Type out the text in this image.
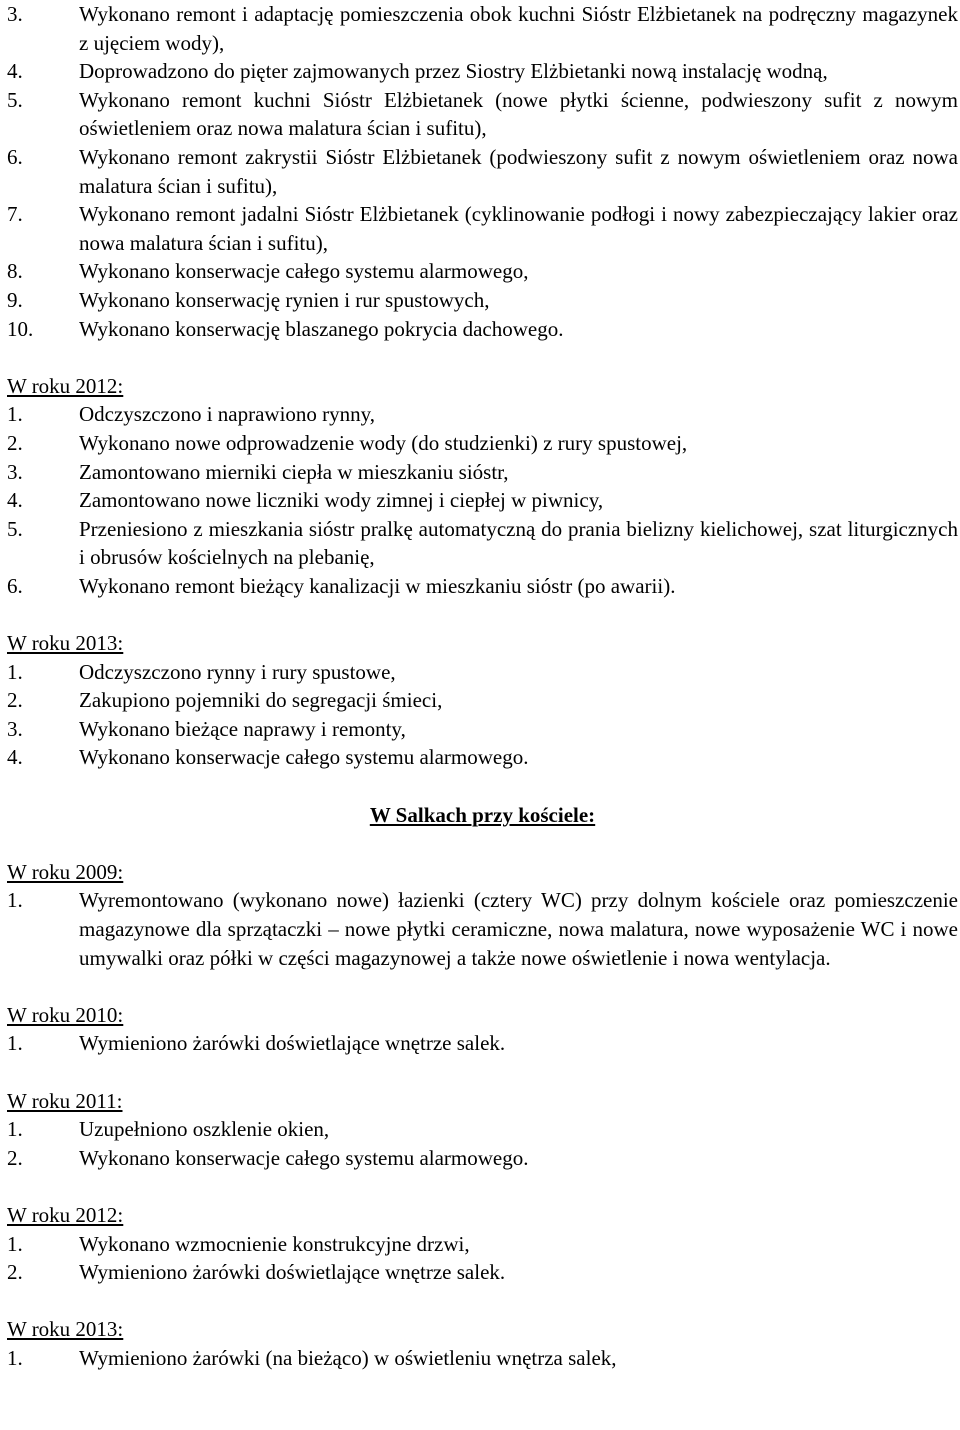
3.	Wykonano remont i adaptację pomieszczenia obok kuchni Sióstr Elżbietanek na podręczny magazynek z ujęciem wody),
4.	Doprowadzono do pięter zajmowanych przez Siostry Elżbietanki nową instalację wodną,
5.	Wykonano remont kuchni Sióstr Elżbietanek (nowe płytki ścienne, podwieszony sufit z nowym oświetleniem oraz nowa malatura ścian i sufitu),
6.	Wykonano remont zakrystii Sióstr Elżbietanek (podwieszony sufit z nowym oświetleniem oraz nowa malatura ścian i sufitu),
7.	Wykonano remont jadalni Sióstr Elżbietanek (cyklinowanie podłogi i nowy zabezpieczający lakier oraz nowa malatura ścian i sufitu),
8.	Wykonano konserwacje całego systemu alarmowego,
9.	Wykonano konserwację rynien i rur spustowych,
10.	Wykonano konserwację blaszanego pokrycia dachowego.
W roku 2012:
1.	Odczyszczono i naprawiono rynny,
2.	Wykonano nowe odprowadzenie wody (do studzienki) z rury spustowej,
3.	Zamontowano mierniki ciepła w mieszkaniu sióstr,
4.	Zamontowano nowe liczniki wody zimnej i ciepłej w piwnicy,
5.	Przeniesiono z mieszkania sióstr pralkę automatyczną do prania bielizny kielichowej, szat liturgicznych i obrusów kościelnych na plebanię,
6.	Wykonano remont bieżący kanalizacji w mieszkaniu sióstr (po awarii).
W roku 2013:
1.	Odczyszczono rynny i rury spustowe,
2.	Zakupiono pojemniki do segregacji śmieci,
3.	Wykonano bieżące naprawy i remonty,
4.	Wykonano konserwacje całego systemu alarmowego.
W Salkach przy kościele:
W roku 2009:
1.	Wyremontowano (wykonano nowe) łazienki (cztery WC) przy dolnym kościele oraz pomieszczenie magazynowe dla sprzątaczki – nowe płytki ceramiczne, nowa malatura, nowe wyposażenie WC i nowe umywalki oraz półki w części magazynowej a także nowe oświetlenie i nowa wentylacja.
W roku 2010:
1.	Wymieniono żarówki doświetlające wnętrze salek.
W roku 2011:
1.	Uzupełniono oszklenie okien,
2.	Wykonano konserwacje całego systemu alarmowego.
W roku 2012:
1.	Wykonano wzmocnienie konstrukcyjne drzwi,
2.	Wymieniono żarówki doświetlające wnętrze salek.
W roku 2013:
1.	Wymieniono żarówki (na bieżąco) w oświetleniu wnętrza salek,
